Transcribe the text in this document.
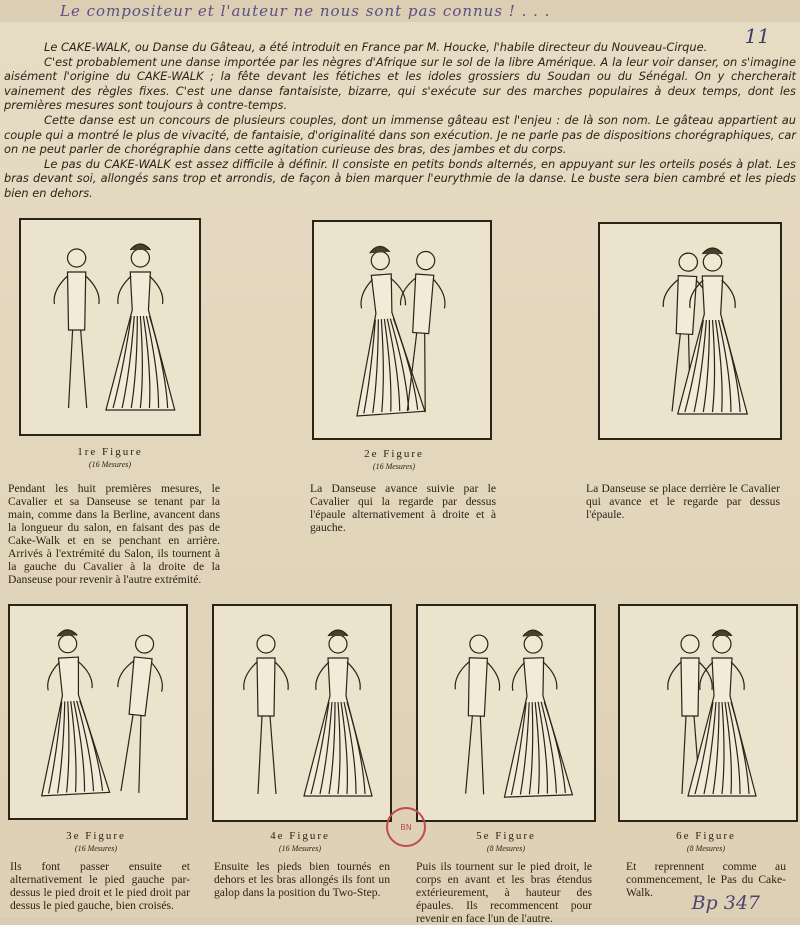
Le compositeur et l'auteur ne nous sont pas connus ! . . .
11

Le CAKE-WALK, ou Danse du Gâteau, a été introduit en France par M. Houcke, l'habile directeur du Nouveau-Cirque.

C'est probablement une danse importée par les nègres d'Afrique sur le sol de la libre Amérique. A la leur voir danser, on s'imagine aisément l'origine du CAKE-WALK ; la fête devant les fétiches et les idoles grossiers du Soudan ou du Sénégal. On y chercherait vainement des règles fixes. C'est une danse fantaisiste, bizarre, qui s'exécute sur des marches populaires à deux temps, dont les premières mesures sont toujours à contre-temps.

Cette danse est un concours de plusieurs couples, dont un immense gâteau est l'enjeu : de là son nom. Le gâteau appartient au couple qui a montré le plus de vivacité, de fantaisie, d'originalité dans son exécution. Je ne parle pas de dispositions chorégraphiques, car on ne peut parler de chorégraphie dans cette agitation curieuse des bras, des jambes et du corps.

Le pas du CAKE-WALK est assez difficile à définir. Il consiste en petits bonds alternés, en appuyant sur les orteils posés à plat. Les bras devant soi, allongés sans trop et arrondis, de façon à bien marquer l'eurythmie de la danse. Le buste sera bien cambré et les pieds bien en dehors.

1re Figure
(16 Mesures)
2e Figure
(16 Mesures)
Pendant les huit premières mesures, le Cavalier et sa Danseuse se tenant par la main, comme dans la Berline, avancent dans la longueur du salon, en faisant des pas de Cake-Walk et en se penchant en arrière. Arrivés à l'extrémité du Salon, ils tournent à la gauche du Cavalier à la droite de la Danseuse pour revenir à l'autre extrémité.
La Danseuse avance suivie par le Cavalier qui la regarde par dessus l'épaule alternativement à droite et à gauche.
La Danseuse se place derrière le Cavalier qui avance et le regarde par dessus l'épaule.
3e Figure
(16 Mesures)
4e Figure
(16 Mesures)
5e Figure
(8 Mesures)
6e Figure
(8 Mesures)
Ils font passer ensuite et alternativement le pied gauche par-dessus le pied droit et le pied droit par dessus le pied gauche, bien croisés.
Ensuite les pieds bien tournés en dehors et les bras allongés ils font un galop dans la position du Two-Step.
Puis ils tournent sur le pied droit, le corps en avant et les bras étendus extérieurement, à hauteur des épaules. Ils recommencent pour revenir en face l'un de l'autre.
Et reprennent comme au commencement, le Pas du Cake-Walk.
BN
Bp 347
